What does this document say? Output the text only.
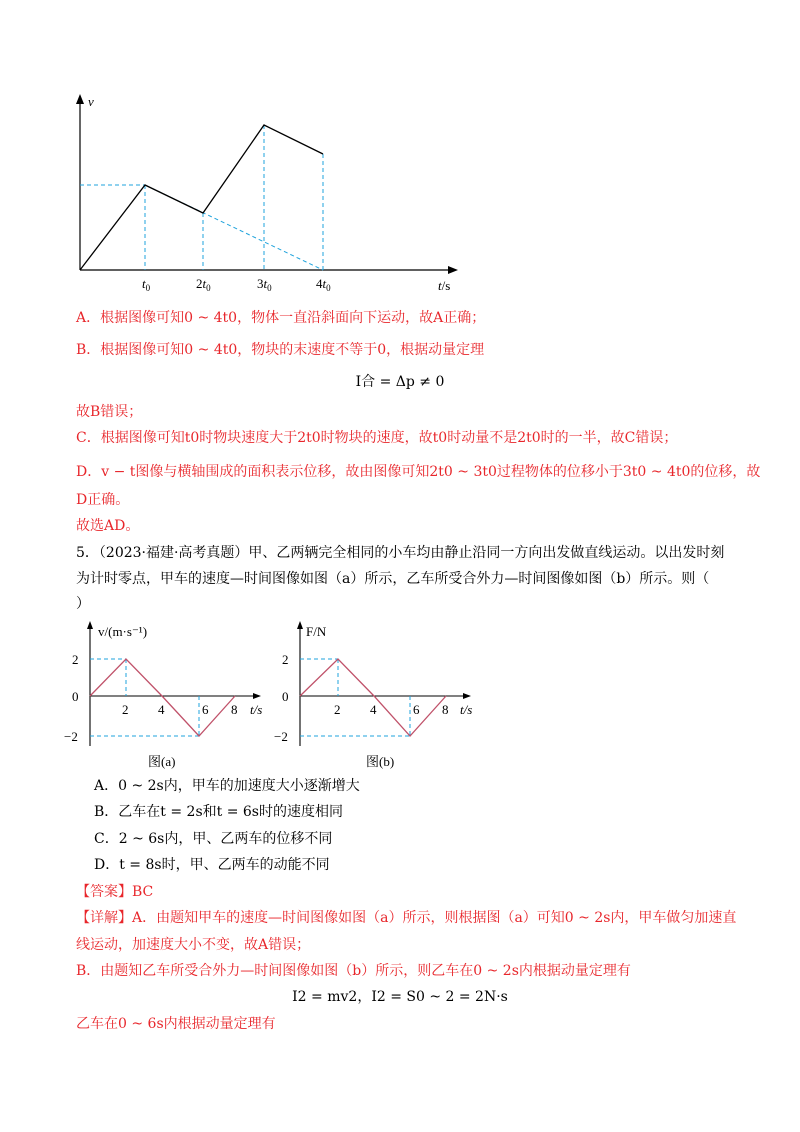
v
t/s
$t_0$	$2t_0$	$3t_0$	$4t_0$
A．根据图像可知0 ~ 4t0，物体一直沿斜面向下运动，故A正确；
B．根据图像可知0 ~ 4t0，物块的末速度不等于0，根据动量定理
I合 = Δp ≠ 0
故B错误；
C．根据图像可知t0时物块速度大于2t0时物块的速度，故t0时动量不是2t0时的一半，故C错误；
D．v − t图像与横轴围成的面积表示位移，故由图像可知2t0 ~ 3t0过程物体的位移小于3t0 ~ 4t0的位移，故
D正确。
故选AD。
5．（2023·福建·高考真题）甲、乙两辆完全相同的小车均由静止沿同一方向出发做直线运动。以出发时刻
为计时零点，甲车的速度—时间图像如图（a）所示，乙车所受合外力—时间图像如图（b）所示。则（
）
v/(m·s⁻¹)
t/s
2
0
−2
2 4	6 8
图(a)
F/N
t/s
2
0
−2
2 4	6 8
图(b)
A．0 ~ 2s内，甲车的加速度大小逐渐增大
B．乙车在t = 2s和t = 6s时的速度相同
C．2 ~ 6s内，甲、乙两车的位移不同
D．t = 8s时，甲、乙两车的动能不同
【答案】BC
【详解】A．由题知甲车的速度—时间图像如图（a）所示，则根据图（a）可知0 ~ 2s内，甲车做匀加速直
线运动，加速度大小不变，故A错误；
B．由题知乙车所受合外力—时间图像如图（b）所示，则乙车在0 ~ 2s内根据动量定理有
I2 = mv2，I2 = S0 ~ 2 = 2N·s
乙车在0 ~ 6s内根据动量定理有
